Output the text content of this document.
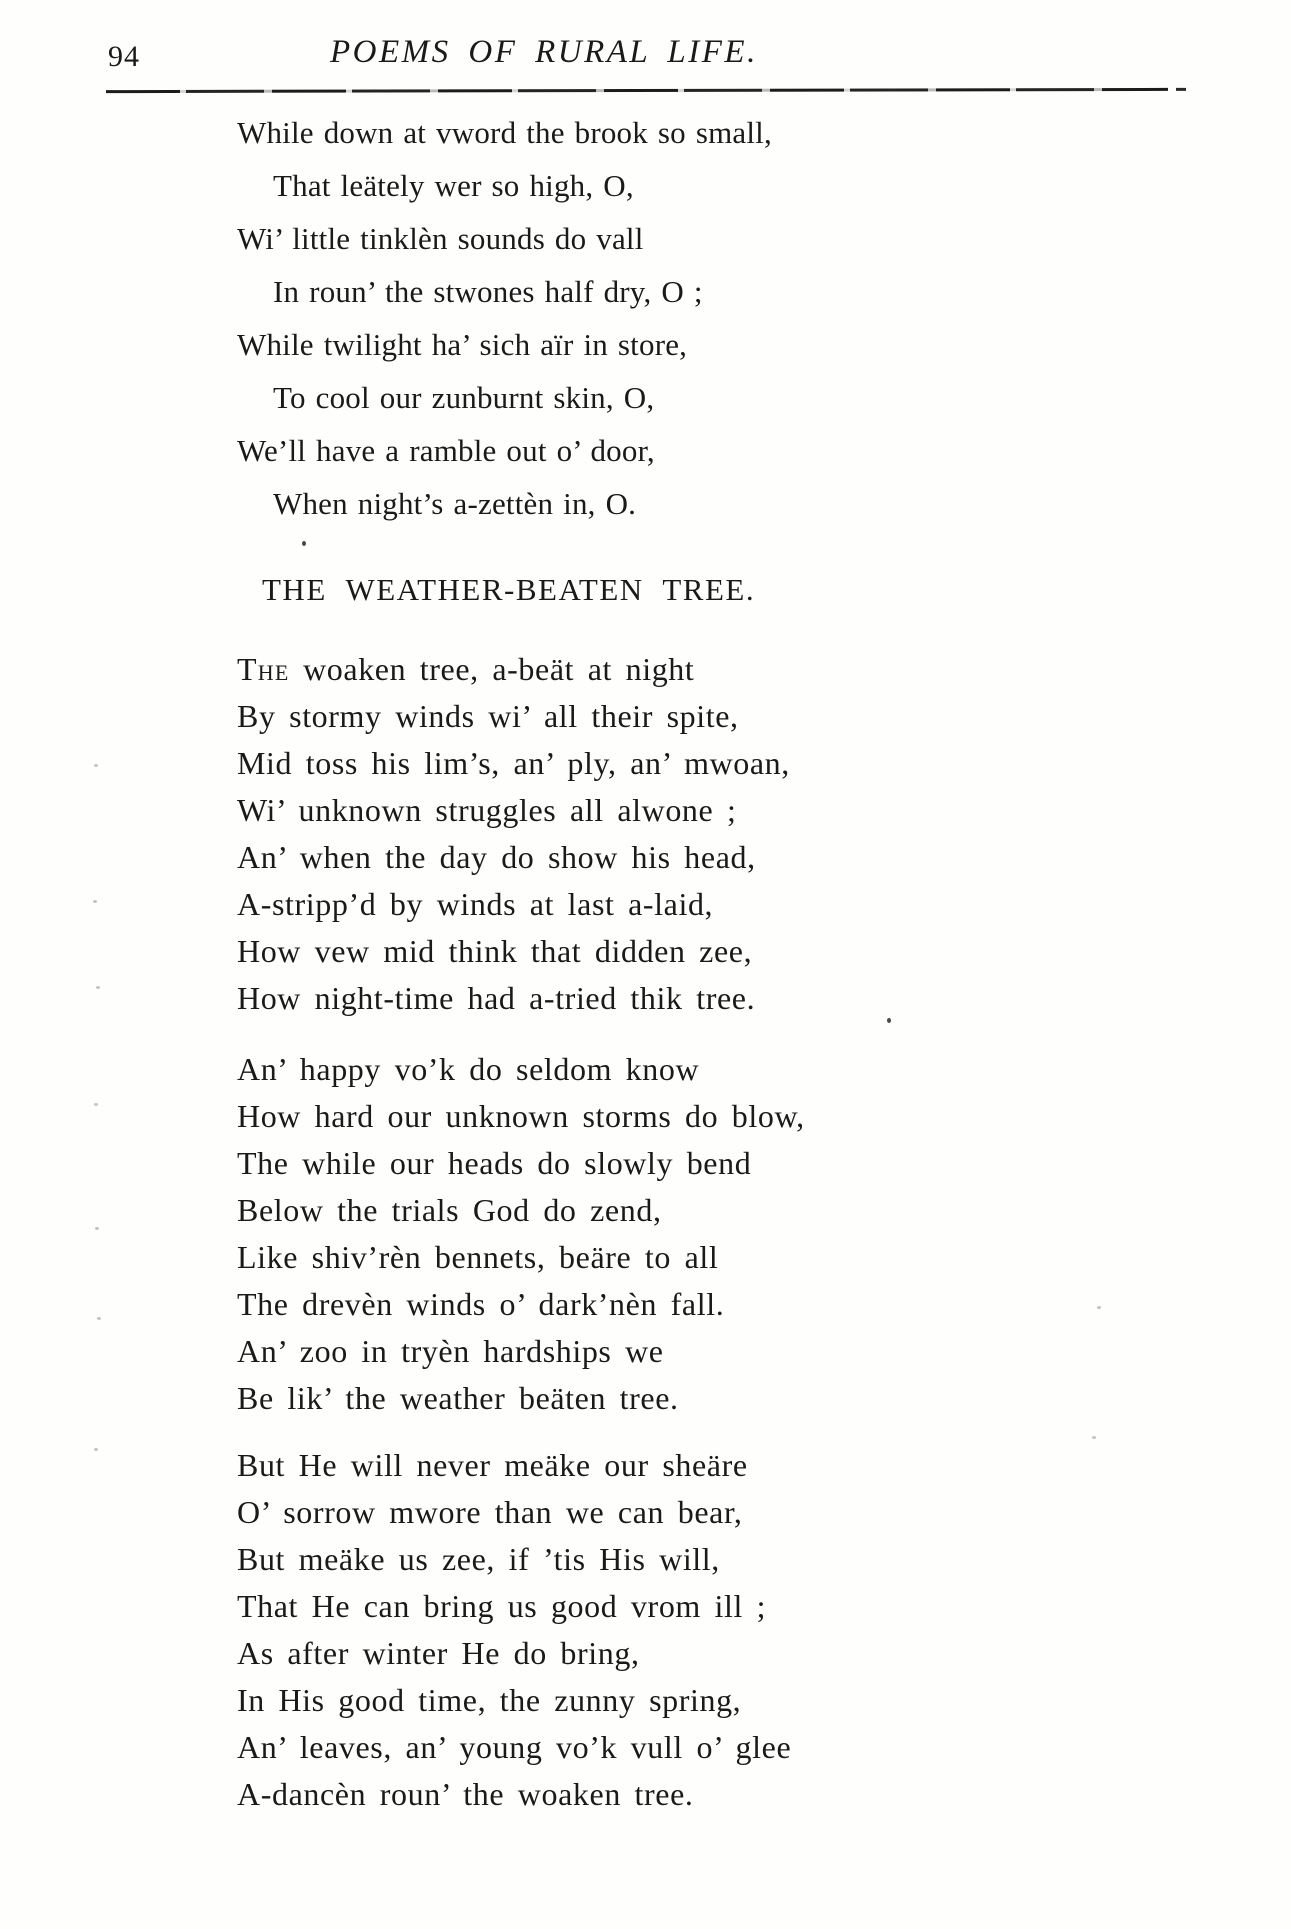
94	POEMS OF RURAL LIFE.
While down at vword the brook so small,
That leätely wer so high, O,
Wi’ little tinklèn sounds do vall
In roun’ the stwones half dry, O ;
While twilight ha’ sich aïr in store,
To cool our zunburnt skin, O,
We’ll have a ramble out o’ door,
When night’s a-zettèn in, O.
THE WEATHER-BEATEN TREE.
The woaken tree, a-beät at night
By stormy winds wi’ all their spite,
Mid toss his lim’s, an’ ply, an’ mwoan,
Wi’ unknown struggles all alwone ;
An’ when the day do show his head,
A-stripp’d by winds at last a-laid,
How vew mid think that didden zee,
How night-time had a-tried thik tree.
An’ happy vo’k do seldom know
How hard our unknown storms do blow,
The while our heads do slowly bend
Below the trials God do zend,
Like shiv’rèn bennets, beäre to all
The drevèn winds o’ dark’nèn fall.
An’ zoo in tryèn hardships we
Be lik’ the weather beäten tree.
But He will never meäke our sheäre
O’ sorrow mwore than we can bear,
But meäke us zee, if ’tis His will,
That He can bring us good vrom ill ;
As after winter He do bring,
In His good time, the zunny spring,
An’ leaves, an’ young vo’k vull o’ glee
A-dancèn roun’ the woaken tree.
